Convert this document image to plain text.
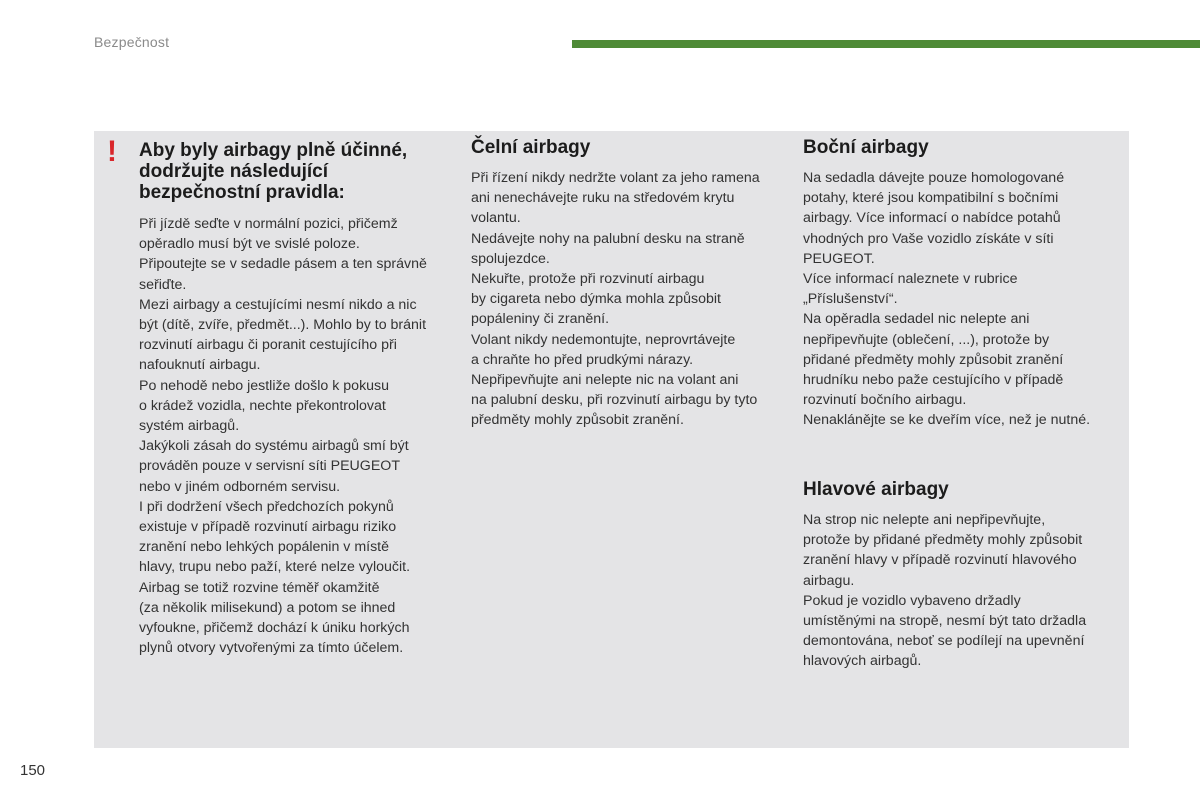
Bezpečnost
! Aby byly airbagy plně účinné,
dodržujte následující
bezpečnostní pravidla:
Při jízdě seďte v normální pozici, přičemž
opěradlo musí být ve svislé poloze.
Připoutejte se v sedadle pásem a ten správně
seřiďte.
Mezi airbagy a cestujícími nesmí nikdo a nic
být (dítě, zvíře, předmět...). Mohlo by to bránit
rozvinutí airbagu či poranit cestujícího při
nafouknutí airbagu.
Po nehodě nebo jestliže došlo k pokusu
o krádež vozidla, nechte překontrolovat
systém airbagů.
Jakýkoli zásah do systému airbagů smí být
prováděn pouze v servisní síti PEUGEOT
nebo v jiném odborném servisu.
I při dodržení všech předchozích pokynů
existuje v případě rozvinutí airbagu riziko
zranění nebo lehkých popálenin v místě
hlavy, trupu nebo paží, které nelze vyloučit.
Airbag se totiž rozvine téměř okamžitě
(za několik milisekund) a potom se ihned
vyfoukne, přičemž dochází k úniku horkých
plynů otvory vytvořenými za tímto účelem.
Čelní airbagy
Při řízení nikdy nedržte volant za jeho ramena
ani nenechávejte ruku na středovém krytu
volantu.
Nedávejte nohy na palubní desku na straně
spolujezdce.
Nekuřte, protože při rozvinutí airbagu
by cigareta nebo dýmka mohla způsobit
popáleniny či zranění.
Volant nikdy nedemontujte, neprovrtávejte
a chraňte ho před prudkými nárazy.
Nepřipevňujte ani nelepte nic na volant ani
na palubní desku, při rozvinutí airbagu by tyto
předměty mohly způsobit zranění.
Boční airbagy
Na sedadla dávejte pouze homologované
potahy, které jsou kompatibilní s bočními
airbagy. Více informací o nabídce potahů
vhodných pro Vaše vozidlo získáte v síti
PEUGEOT.
Více informací naleznete v rubrice
„Příslušenství“.
Na opěradla sedadel nic nelepte ani
nepřipevňujte (oblečení, ...), protože by
přidané předměty mohly způsobit zranění
hrudníku nebo paže cestujícího v případě
rozvinutí bočního airbagu.
Nenaklánějte se ke dveřím více, než je nutné.
Hlavové airbagy
Na strop nic nelepte ani nepřipevňujte,
protože by přidané předměty mohly způsobit
zranění hlavy v případě rozvinutí hlavového
airbagu.
Pokud je vozidlo vybaveno držadly
umístěnými na stropě, nesmí být tato držadla
demontována, neboť se podílejí na upevnění
hlavových airbagů.
150
